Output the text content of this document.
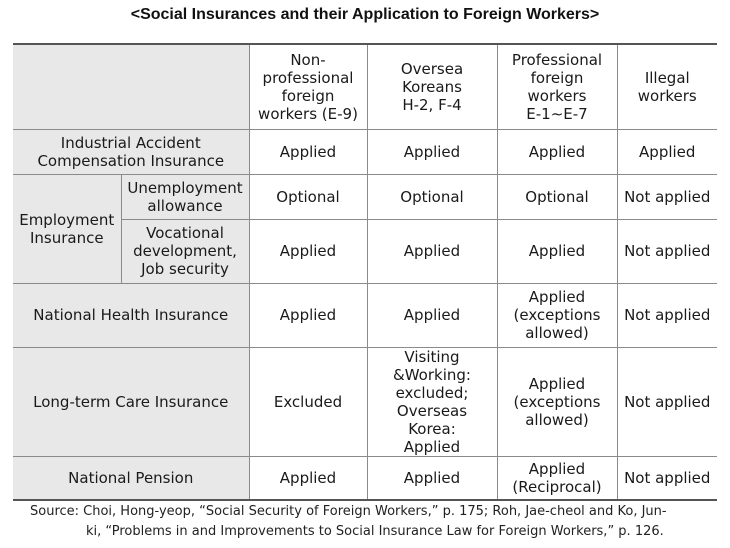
<Social Insurances and their Application to Foreign Workers>
		Non-
professional
foreign
workers (E-9)	Oversea
Koreans
H-2, F-4	Professional
foreign
workers
E-1∼E-7	Illegal
workers
Industrial Accident
Compensation Insurance		Applied	Applied	Applied	Applied
Employment
Insurance	Unemployment
allowance	Optional	Optional	Optional	Not applied
	Vocational
development,
Job security	Applied	Applied	Applied	Not applied
National Health Insurance		Applied	Applied	Applied
(exceptions
allowed)	Not applied
Long-term Care Insurance		Excluded	Visiting
&Working:
excluded;
Overseas Korea:
Applied	Applied
(exceptions
allowed)	Not applied
National Pension		Applied	Applied	Applied
(Reciprocal)	Not applied
Source: Choi, Hong-yeop, “Social Security of Foreign Workers,” p. 175; Roh, Jae-cheol and Ko, Jun-
ki, “Problems in and Improvements to Social Insurance Law for Foreign Workers,” p. 126.
